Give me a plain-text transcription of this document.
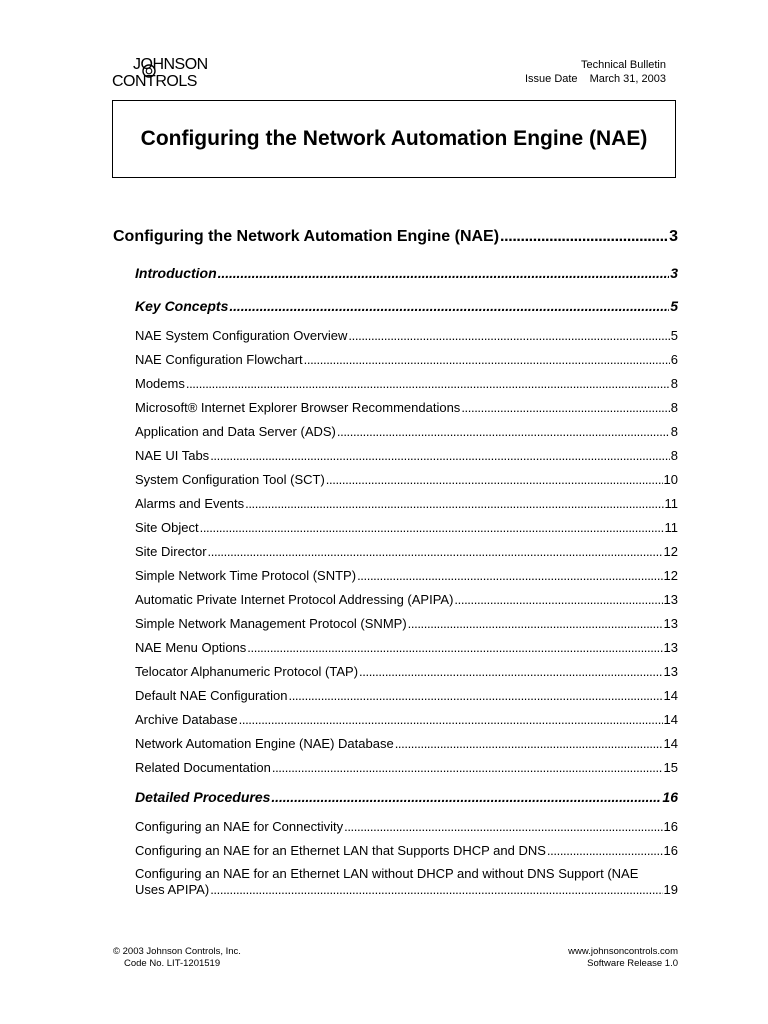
JOHNSON
CONTROLS
Technical Bulletin
Issue Date March 31, 2003
Configuring the Network Automation Engine (NAE)
Configuring the Network Automation Engine (NAE) . . .	3
Introduction . . .	3
Key Concepts . . .	5
NAE System Configuration Overview . . .	5
NAE Configuration Flowchart . . .	6
Modems . . .	8
Microsoft® Internet Explorer Browser Recommendations . . .	8
Application and Data Server (ADS) . . .	8
NAE UI Tabs . . .	8
System Configuration Tool (SCT) . . .	10
Alarms and Events . . .	11
Site Object . . .	11
Site Director . . .	12
Simple Network Time Protocol (SNTP) . . .	12
Automatic Private Internet Protocol Addressing (APIPA) . . .	13
Simple Network Management Protocol (SNMP) . . .	13
NAE Menu Options . . .	13
Telocator Alphanumeric Protocol (TAP) . . .	13
Default NAE Configuration . . .	14
Archive Database . . .	14
Network Automation Engine (NAE) Database . . .	14
Related Documentation . . .	15
Detailed Procedures . . .	16
Configuring an NAE for Connectivity . . .	16
Configuring an NAE for an Ethernet LAN that Supports DHCP and DNS . . .	16
Configuring an NAE for an Ethernet LAN without DHCP and without DNS Support (NAE
Uses APIPA) . . .	19
© 2003 Johnson Controls, Inc.
Code No. LIT-1201519
www.johnsoncontrols.com
Software Release 1.0
